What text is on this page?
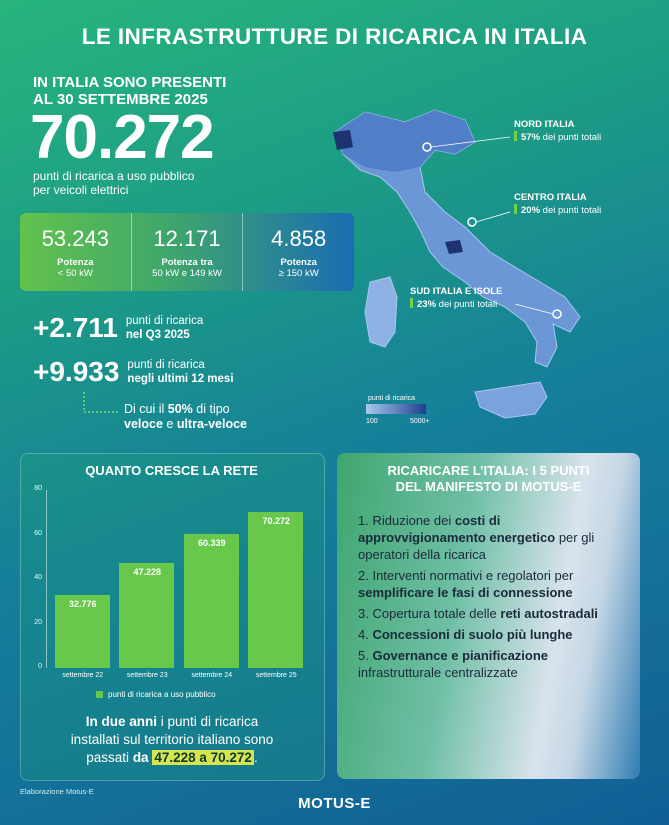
LE INFRASTRUTTURE DI RICARICA IN ITALIA
IN ITALIA SONO PRESENTI
AL 30 SETTEMBRE 2025
70.272
punti di ricarica a uso pubblico
per veicoli elettrici
53.243
Potenza
< 50 kW
12.171
Potenza tra
50 kW e 149 kW
4.858
Potenza
≥ 150 kW
+2.711 punti di ricarica
nel Q3 2025
+9.933 punti di ricarica
negli ultimi 12 mesi
Di cui il 50% di tipo
veloce e ultra-veloce
NORD ITALIA
57% dei punti totali
CENTRO ITALIA
20% dei punti totali
SUD ITALIA E ISOLE
23% dei punti totali
punti di ricarica
100	5000+
QUANTO CRESCE LA RETE
0
20
40
60
80
32.776
settembre 22
47.228
settembre 23
60.339
settembre 24
70.272
settembre 25
punti di ricarica a uso pubblico
In due anni i punti di ricarica
installati sul territorio italiano sono
passati da 47.228 a 70.272 .
RICARICARE L’ITALIA: I 5 PUNTI
DEL MANIFESTO DI MOTUS-E
1. Riduzione dei costi di approvvigionamento energetico per gli operatori della ricarica
2. Interventi normativi e regolatori per semplificare le fasi di connessione
3. Copertura totale delle reti autostradali
4. Concessioni di suolo più lunghe
5. Governance e pianificazione infrastrutturale centralizzate
Elaborazione Motus-E
MOTUS-E
